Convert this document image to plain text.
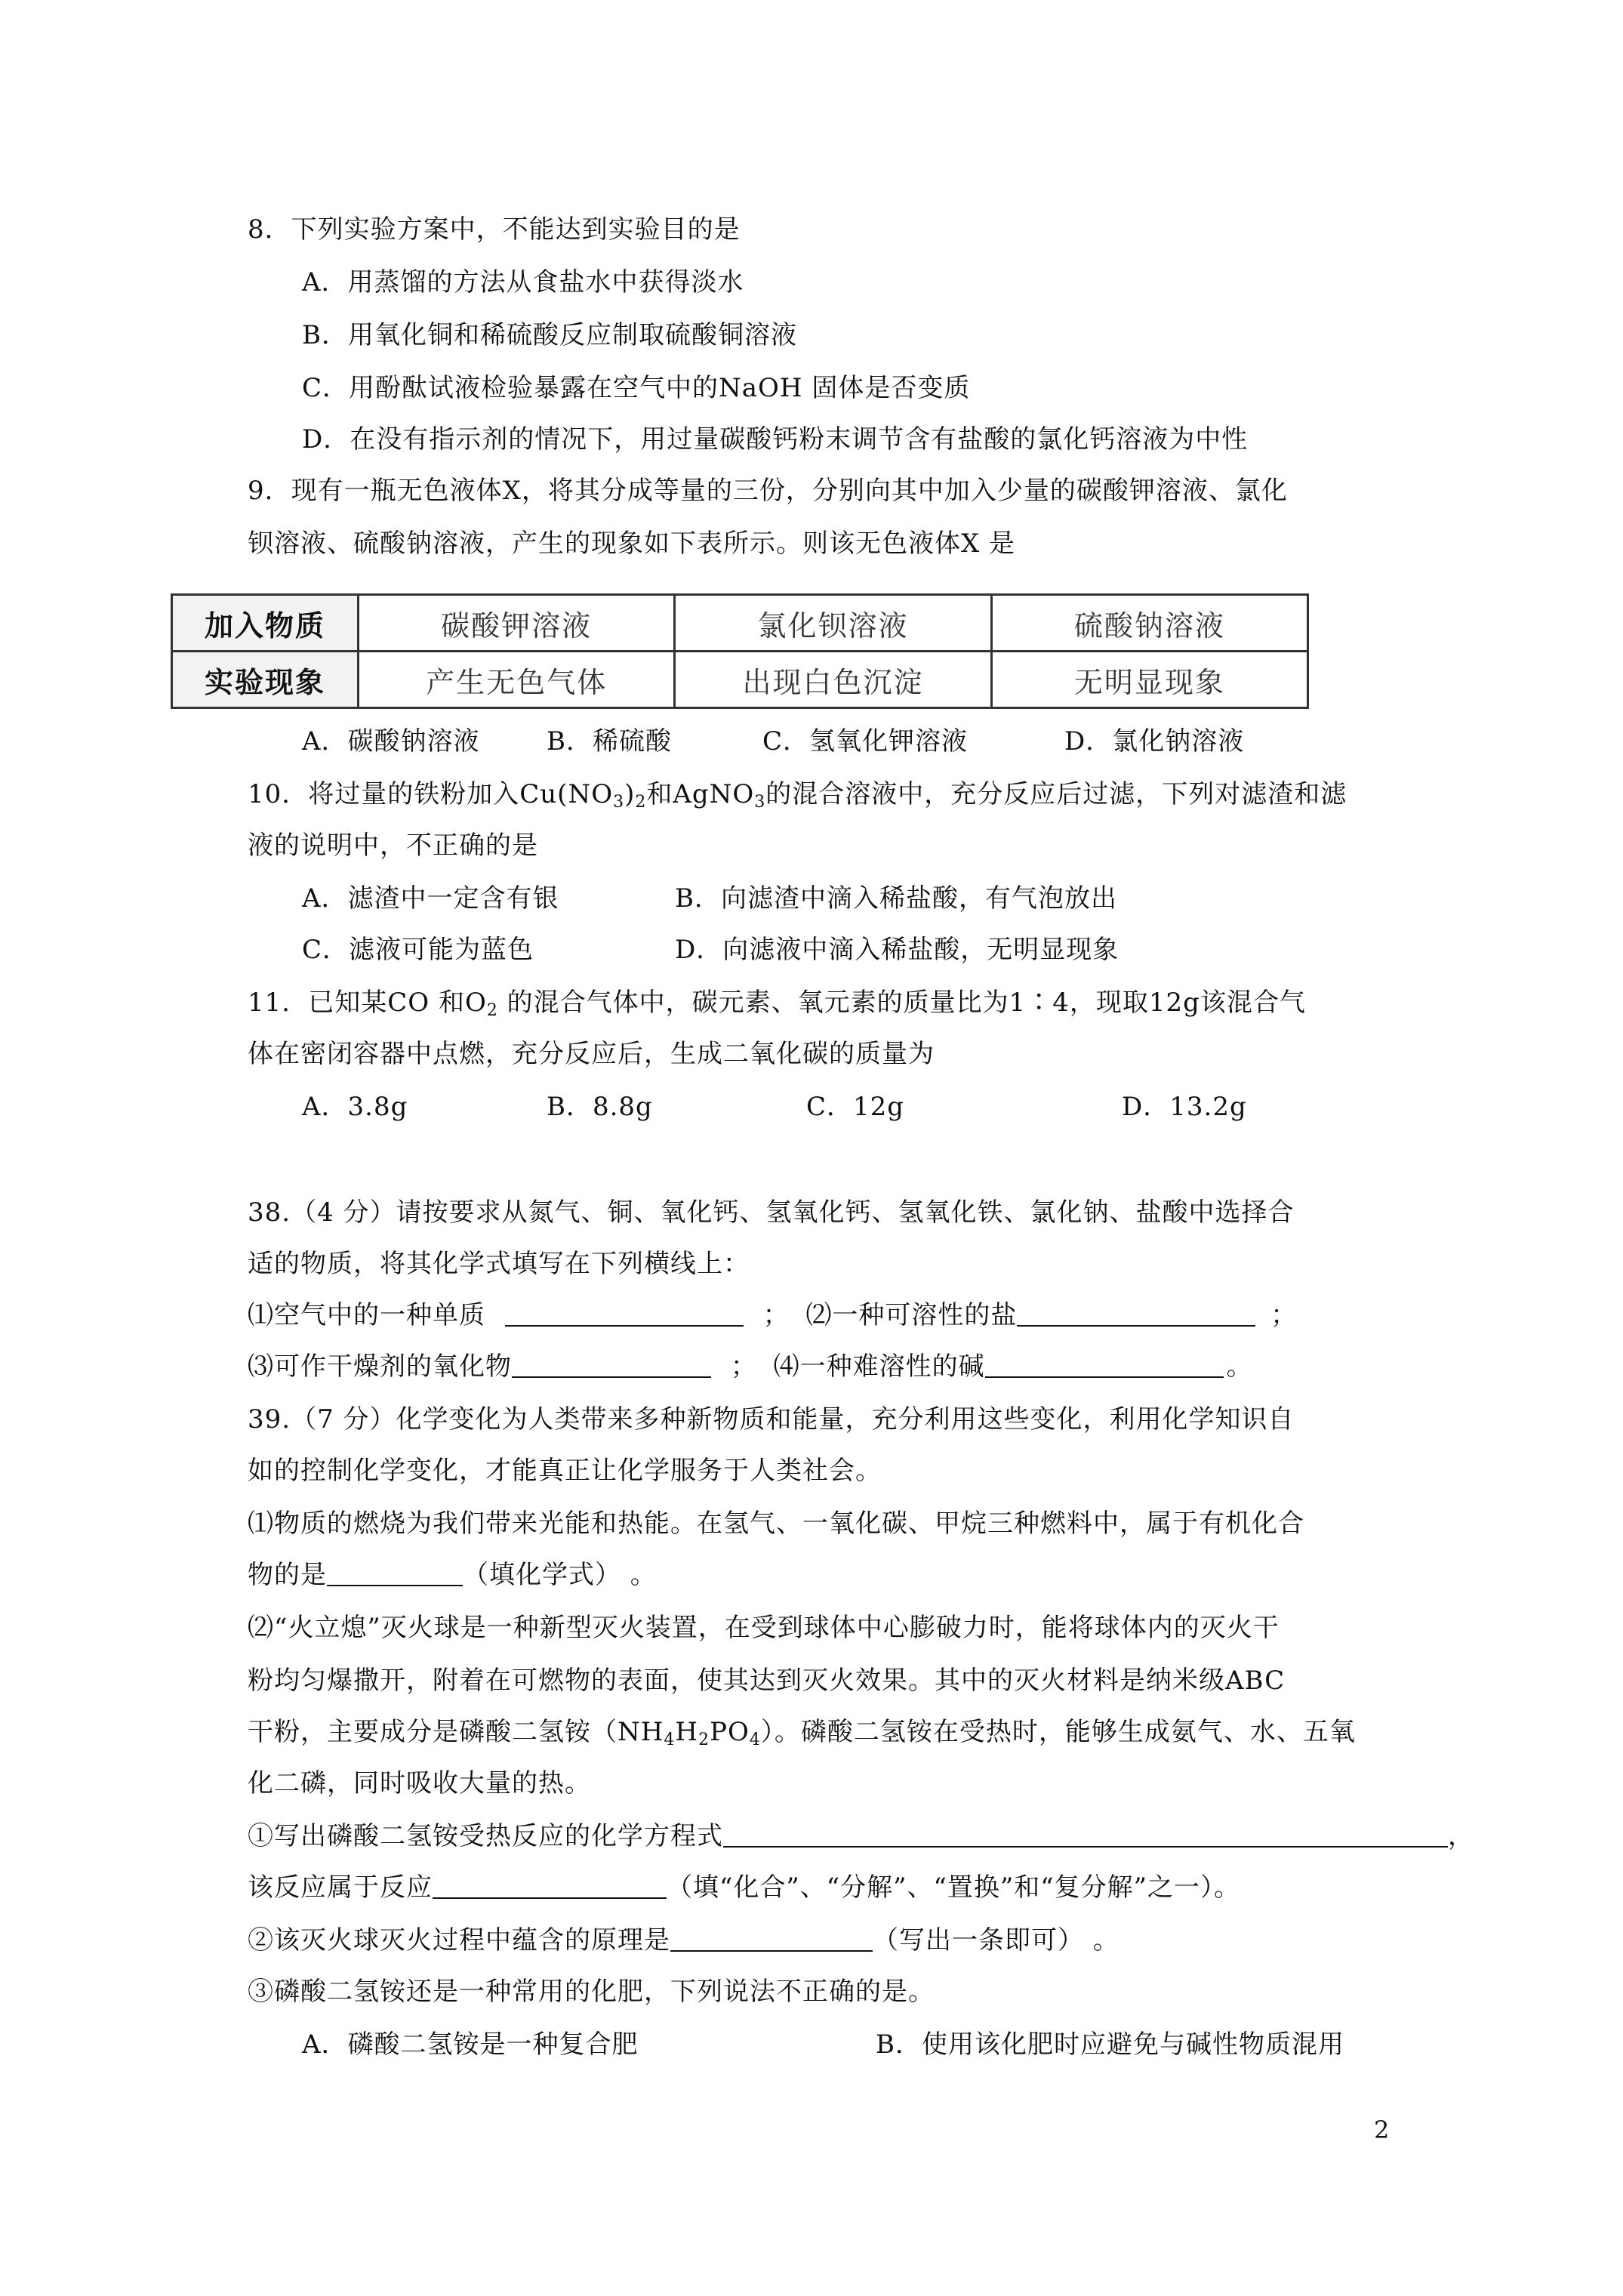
8．下列实验方案中，不能达到实验目的是
A．用蒸馏的方法从食盐水中获得淡水
B．用氧化铜和稀硫酸反应制取硫酸铜溶液
C．用酚酞试液检验暴露在空气中的NaOH 固体是否变质
D．在没有指示剂的情况下，用过量碳酸钙粉末调节含有盐酸的氯化钙溶液为中性
9．现有一瓶无色液体X，将其分成等量的三份，分别向其中加入少量的碳酸钾溶液、氯化
钡溶液、硫酸钠溶液，产生的现象如下表所示。则该无色液体X 是
加入物质	碳酸钾溶液	氯化钡溶液	硫酸钠溶液
实验现象	产生无色气体	出现白色沉淀	无明显现象
A．碳酸钠溶液	B．稀硫酸	C．氢氧化钾溶液	D．氯化钠溶液
10．将过量的铁粉加入$Cu(NO_3)_2$和AgNO$_3$的混合溶液中，充分反应后过滤，下列对滤渣和滤
液的说明中，不正确的是
A．滤渣中一定含有银	B．向滤渣中滴入稀盐酸，有气泡放出
C．滤液可能为蓝色	D．向滤液中滴入稀盐酸，无明显现象
11．已知某CO 和$O_2$ 的混合气体中，碳元素、氧元素的质量比为1∶4，现取12g该混合气
体在密闭容器中点燃，充分反应后，生成二氧化碳的质量为
A．3.8g	B．8.8g	C．12g	D．13.2g
38.（4 分）请按要求从氮气、铜、氧化钙、氢氧化钙、氢氧化铁、氯化钠、盐酸中选择合
适的物质，将其化学式填写在下列横线上：
⑴空气中的一种单质	； ⑵一种可溶性的盐	；
⑶可作干燥剂的氧化物	； ⑷一种难溶性的碱	。
39.（7 分）化学变化为人类带来多种新物质和能量，充分利用这些变化，利用化学知识自
如的控制化学变化，才能真正让化学服务于人类社会。
⑴物质的燃烧为我们带来光能和热能。在氢气、一氧化碳、甲烷三种燃料中，属于有机化合
物的是	（填化学式） 。
⑵“火立熄”灭火球是一种新型灭火装置，在受到球体中心膨破力时，能将球体内的灭火干
粉均匀爆撒开，附着在可燃物的表面，使其达到灭火效果。其中的灭火材料是纳米级ABC
干粉，主要成分是磷酸二氢铵$(NH_4H_2PO_4)$。磷酸二氢铵在受热时，能够生成氨气、水、五氧
化二磷，同时吸收大量的热。
①写出磷酸二氢铵受热反应的化学方程式	，
该反应属于反应	（填“化合”、“分解”、“置换”和“复分解”之一）。
②该灭火球灭火过程中蕴含的原理是	（写出一条即可） 。
③磷酸二氢铵还是一种常用的化肥，下列说法不正确的是。
A．磷酸二氢铵是一种复合肥	B．使用该化肥时应避免与碱性物质混用
2
